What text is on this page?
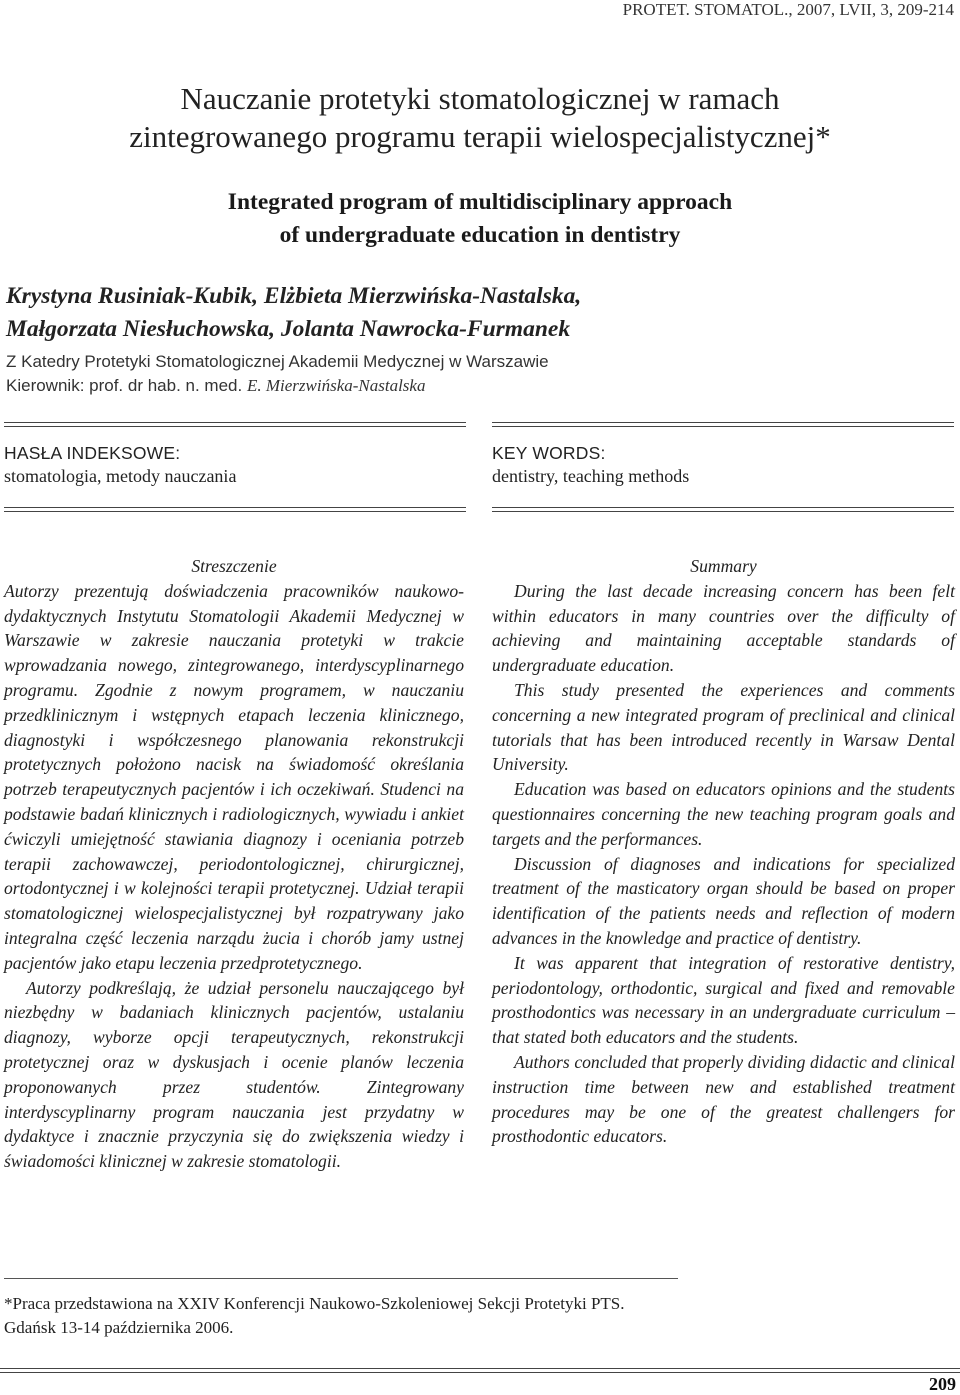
PROTET. STOMATOL., 2007, LVII, 3, 209-214
Nauczanie protetyki stomatologicznej w ramach
zintegrowanego programu terapii wielospecjalistycznej*
Integrated program of multidisciplinary approach
of undergraduate education in dentistry
Krystyna Rusiniak-Kubik, Elżbieta Mierzwińska-Nastalska,
Małgorzata Niesłuchowska, Jolanta Nawrocka-Furmanek
Z Katedry Protetyki Stomatologicznej Akademii Medycznej w Warszawie
Kierownik: prof. dr hab. n. med. E. Mierzwińska-Nastalska
HASŁA INDEKSOWE:
stomatologia, metody nauczania
KEY WORDS:
dentistry, teaching methods
Streszczenie

Autorzy prezentują doświadczenia pracowników naukowo-dydaktycznych Instytutu Stomatologii Akademii Medycznej w Warszawie w zakresie nauczania protetyki w trakcie wprowadzania nowego, zintegrowanego, interdyscyplinarnego programu. Zgodnie z nowym programem, w nauczaniu przedklinicznym i wstępnych etapach leczenia klinicznego, diagnostyki i współczesnego planowania rekonstrukcji protetycznych położono nacisk na świadomość określania potrzeb terapeutycznych pacjentów i ich oczekiwań. Studenci na podstawie badań klinicznych i radiologicznych, wywiadu i ankiet ćwiczyli umiejętność stawiania diagnozy i oceniania potrzeb terapii zachowawczej, periodontologicznej, chirurgicznej, ortodontycznej i w kolejności terapii protetycznej. Udział terapii stomatologicznej wielospecjalistycznej był rozpatrywany jako integralna część leczenia narządu żucia i chorób jamy ustnej pacjentów jako etapu leczenia przedprotetycznego.

Autorzy podkreślają, że udział personelu nauczającego był niezbędny w badaniach klinicznych pacjentów, ustalaniu diagnozy, wyborze opcji terapeutycznych, rekonstrukcji protetycznej oraz w dyskusjach i ocenie planów leczenia proponowanych przez studentów. Zintegrowany interdyscyplinarny program nauczania jest przydatny w dydaktyce i znacznie przyczynia się do zwiększenia wiedzy i świadomości klinicznej w zakresie stomatologii.

Summary

During the last decade increasing concern has been felt within educators in many countries over the difficulty of achieving and maintaining acceptable standards of undergraduate education.

This study presented the experiences and comments concerning a new integrated program of preclinical and clinical tutorials that has been introduced recently in Warsaw Dental University.

Education was based on educators opinions and the students questionnaires concerning the new teaching program goals and targets and the performances.

Discussion of diagnoses and indications for specialized treatment of the masticatory organ should be based on proper identification of the patients needs and reflection of modern advances in the knowledge and practice of dentistry.

It was apparent that integration of restorative dentistry, periodontology, orthodontic, surgical and fixed and removable prosthodontics was necessary in an undergraduate curriculum – that stated both educators and the students.

Authors concluded that properly dividing didactic and clinical instruction time between new and established treatment procedures may be one of the greatest challengers for prosthodontic educators.

*Praca przedstawiona na XXIV Konferencji Naukowo-Szkoleniowej Sekcji Protetyki PTS.
Gdańsk 13-14 października 2006.
209
